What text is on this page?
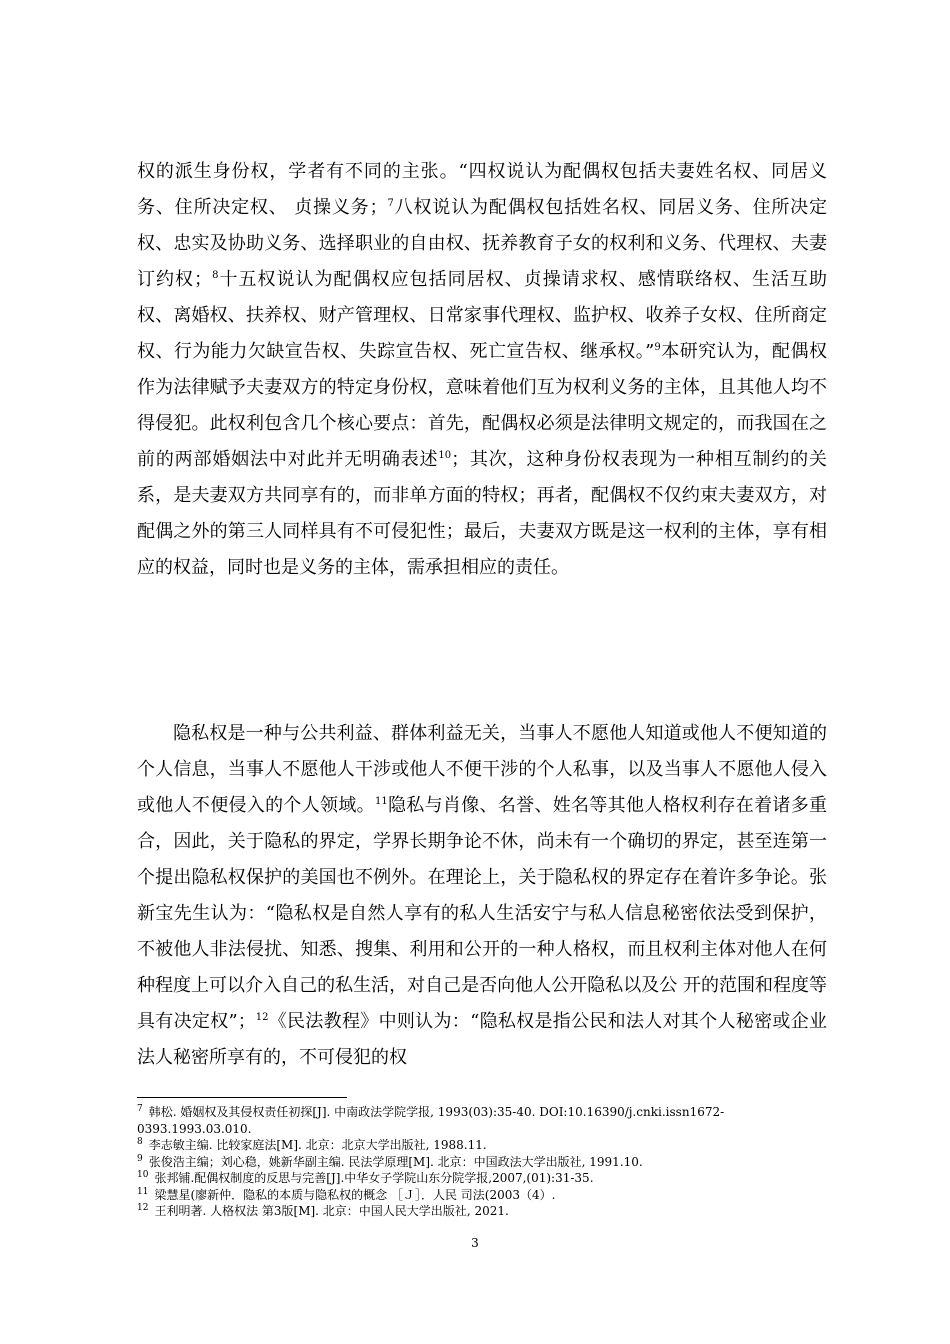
权的派生身份权，学者有不同的主张。“四权说认为配偶权包括夫妻姓名权、同居义务、住所决定权、 贞操义务；$^7$八权说认为配偶权包括姓名权、同居义务、住所决定权、忠实及协助义务、选择职业的自由权、抚养教育子女的权利和义务、代理权、夫妻订约权；$^8$十五权说认为配偶权应包括同居权、贞操请求权、感情联络权、生活互助权、离婚权、扶养权、财产管理权、日常家事代理权、监护权、收养子女权、住所商定权、行为能力欠缺宣告权、失踪宣告权、死亡宣告权、继承权。”$^9$本研究认为，配偶权作为法律赋予夫妻双方的特定身份权，意味着他们互为权利义务的主体，且其他人均不得侵犯。此权利包含几个核心要点：首先，配偶权必须是法律明文规定的，而我国在之前的两部婚姻法中对此并无明确表述$^{10}$；其次，这种身份权表现为一种相互制约的关系，是夫妻双方共同享有的，而非单方面的特权；再者，配偶权不仅约束夫妻双方，对配偶之外的第三人同样具有不可侵犯性；最后，夫妻双方既是这一权利的主体，享有相应的权益，同时也是义务的主体，需承担相应的责任。

隐私权是一种与公共利益、群体利益无关，当事人不愿他人知道或他人不便知道的个人信息，当事人不愿他人干涉或他人不便干涉的个人私事，以及当事人不愿他人侵入或他人不便侵入的个人领域。$^{11}$隐私与肖像、名誉、姓名等其他人格权利存在着诸多重合，因此，关于隐私的界定，学界长期争论不休，尚未有一个确切的界定，甚至连第一个提出隐私权保护的美国也不例外。在理论上，关于隐私权的界定存在着许多争论。张新宝先生认为：“隐私权是自然人享有的私人生活安宁与私人信息秘密依法受到保护，不被他人非法侵扰、知悉、搜集、利用和公开的一种人格权，而且权利主体对他人在何种程度上可以介入自己的私生活，对自己是否向他人公开隐私以及公 开的范围和程度等具有决定权”；$^{12}$《民法教程》中则认为：“隐私权是指公民和法人对其个人秘密或企业法人秘密所享有的，不可侵犯的权

$^7$ 韩松. 婚姻权及其侵权责任初探[J]. 中南政法学院学报, 1993(03):35-40. DOI:10.16390/j.cnki.issn1672-0393.1993.03.010.

$^8$ 李志敏主编. 比较家庭法[M]. 北京：北京大学出版社, 1988.11.

$^9$ 张俊浩主编；刘心稳，姚新华副主编. 民法学原理[M]. 北京：中国政法大学出版社, 1991.10.

$^{10}$ 张邦铺.配偶权制度的反思与完善[J].中华女子学院山东分院学报,2007,(01):31-35.

$^{11}$ 梁慧星(廖新仲．隐私的本质与隐私权的概念 ［Ｊ］．人民 司法(2003（4）.

$^{12}$ 王利明著. 人格权法 第3版[M]. 北京：中国人民大学出版社, 2021.

3
